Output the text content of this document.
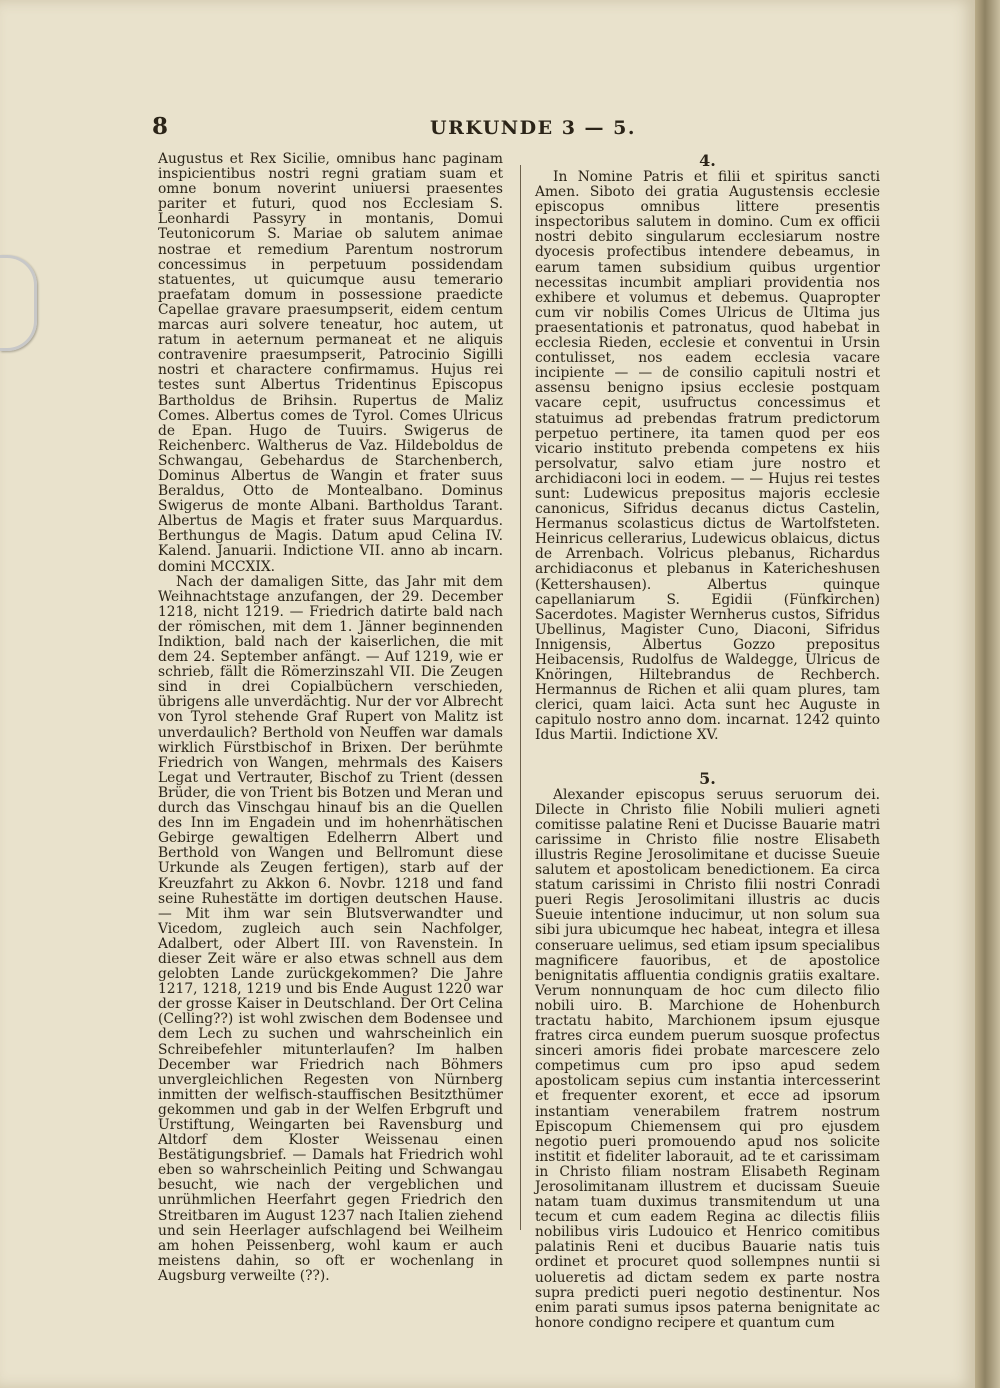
8	URKUNDE 3 — 5.

Augustus et Rex Sicilie, omnibus hanc paginam inspicientibus nostri regni gratiam suam et omne bonum noverint uniuersi praesentes pariter et futuri, quod nos Ecclesiam S. Leonhardi Passyry in montanis, Domui Teutonicorum S. Mariae ob salutem animae nostrae et remedium Parentum nostrorum concessimus in perpetuum possidendam statuentes, ut quicumque ausu temerario praefatam domum in possessione praedicte Capellae gravare praesumpserit, eidem centum marcas auri solvere teneatur, hoc autem, ut ratum in aeternum permaneat et ne aliquis contravenire praesumpserit, Patrocinio Sigilli nostri et characterе confirmamus. Hujus rei testes sunt Albertus Tridentinus Episcopus Bartholdus de Brihsin. Rupertus de Maliz Comes. Albertus comes de Tyrol. Comes Ulricus de Epan. Hugo de Tuuirs. Swigerus de Reichenberc. Waltherus de Vaz. Hildeboldus de Schwangau, Gebehardus de Starchenberch, Dominus Albertus de Wangin et frater suus Beraldus, Otto de Montealbano. Dominus Swigerus de monte Albani. Bartholdus Tarant. Albertus de Magis et frater suus Marquardus. Berthungus de Magis. Datum apud Celina IV. Kalend. Januarii. Indictione VII. anno ab incarn. domini MCCXIX.

Nach der damaligen Sitte, das Jahr mit dem Weihnachtstage anzufangen, der 29. December 1218, nicht 1219. — Friedrich datirte bald nach der römischen, mit dem 1. Jänner beginnenden Indiktion, bald nach der kaiserlichen, die mit dem 24. September anfängt. — Auf 1219, wie er schrieb, fällt die Römerzinszahl VII. Die Zeugen sind in drei Copialbüchern verschieden, übrigens alle unverdächtig. Nur der vor Albrecht von Tyrol stehende Graf Rupert von Malitz ist unverdaulich? Berthold von Neuffen war damals wirklich Fürstbischof in Brixen. Der berühmte Friedrich von Wangen, mehrmals des Kaisers Legat und Vertrauter, Bischof zu Trient (dessen Brüder, die von Trient bis Botzen und Meran und durch das Vinschgau hinauf bis an die Quellen des Inn im Engadein und im hohenrhätischen Gebirge gewaltigen Edelherrn Albert und Berthold von Wangen und Bellromunt diese Urkunde als Zeugen fertigen), starb auf der Kreuzfahrt zu Akkon 6. Novbr. 1218 und fand seine Ruhestätte im dortigen deutschen Hause. — Mit ihm war sein Blutsverwandter und Vicedom, zugleich auch sein Nachfolger, Adalbert, oder Albert III. von Ravenstein. In dieser Zeit wäre er also etwas schnell aus dem gelobten Lande zurückgekommen? Die Jahre 1217, 1218, 1219 und bis Ende August 1220 war der grosse Kaiser in Deutschland. Der Ort Celina (Celling??) ist wohl zwischen dem Bodensee und dem Lech zu suchen und wahrscheinlich ein Schreibefehler mitunterlaufen? Im halben December war Friedrich nach Böhmers unvergleichlichen Regesten von Nürnberg inmitten der welfisch-stauffischen Besitzthümer gekommen und gab in der Welfen Erbgruft und Urstiftung, Weingarten bei Ravensburg und Altdorf dem Kloster Weissenau einen Bestätigungsbrief. — Damals hat Friedrich wohl eben so wahrscheinlich Peiting und Schwangau besucht, wie nach der vergeblichen und unrühmlichen Heerfahrt gegen Friedrich den Streitbaren im August 1237 nach Italien ziehend und sein Heerlager aufschlagend bei Weilheim am hohen Peissenberg, wohl kaum er auch meistens dahin, so oft er wochenlang in Augsburg verweilte (??).

4.

In Nomine Patris et filii et spiritus sancti Amen. Siboto dei gratia Augustensis ecclesie episcopus omnibus littere presentis inspectoribus salutem in domino. Cum ex officii nostri debito singularum ecclesiarum nostre dyocesis profectibus intendere debeamus, in earum tamen subsidium quibus urgentior necessitas incumbit ampliari providentia nos exhibere et volumus et debemus. Quapropter cum vir nobilis Comes Ulricus de Ultima jus praesentationis et patronatus, quod habebat in ecclesia Rieden, ecclesie et conventui in Ursin contulisset, nos eadem ecclesia vacare incipiente — — de consilio capituli nostri et assensu benigno ipsius ecclesie postquam vacare cepit, usufructus concessimus et statuimus ad prebendas fratrum predictorum perpetuo pertinere, ita tamen quod per eos vicario instituto prebenda competens ex hiis persolvatur, salvo etiam jure nostro et archidiaconi loci in eodem. — — Hujus rei testes sunt: Ludewicus prepositus majoris ecclesie canonicus, Sifridus decanus dictus Castelin, Hermanus scolasticus dictus de Wartolfsteten. Heinricus cellerarius, Ludewicus oblaicus, dictus de Arrenbach. Volricus plebanus, Richardus archidiaconus et plebanus in Katericheshusen (Kettershausen). Albertus quinque capellaniarum S. Egidii (Fünfkirchen) Sacerdotes. Magister Wernherus custos, Sifridus Ubellinus, Magister Cuno, Diaconi, Sifridus Innigensis, Albertus Gozzo prepositus Heibacensis, Rudolfus de Waldegge, Ulricus de Knöringen, Hiltebrandus de Rechberch. Hermannus de Richen et alii quam plures, tam clerici, quam laici. Acta sunt hec Auguste in capitulo nostro anno dom. incarnat. 1242 quinto Idus Martii. Indictione XV.

5.

Alexander episcopus seruus seruorum dei. Dilecte in Christo filie Nobili mulieri agneti comitisse palatine Reni et Ducisse Bauarie matri carissime in Christo filie nostre Elisabeth illustris Regine Jerosolimitane et ducisse Sueuie salutem et apostolicam benedictionem. Ea circa statum carissimi in Christo filii nostri Conradi pueri Regis Jerosolimitani illustris ac ducis Sueuie intentione inducimur, ut non solum sua sibi jura ubicumque hec habeat, integra et illesa conseruare uelimus, sed etiam ipsum specialibus magnificere fauoribus, et de apostolice benignitatis affluentia condignis gratiis exaltare. Verum nonnunquam de hoc cum dilecto filio nobili uiro. B. Marchione de Hohenburch tractatu habito, Marchionem ipsum ejusque fratres circa eundem puerum suosque profectus sinceri amoris fidei probate marcescere zelo competimus cum pro ipso apud sedem apostolicam sepius cum instantia intercesserint et frequenter exorent, et ecce ad ipsorum instantiam venerabilem fratrem nostrum Episcopum Chiemensem qui pro ejusdem negotio pueri promouendo apud nos solicite institit et fideliter laborauit, ad te et carissimam in Christo filiam nostram Elisabeth Reginam Jerosolimitanam illustrem et ducissam Sueuie natam tuam duximus transmitendum ut una tecum et cum eadem Regina ac dilectis filiis nobilibus viris Ludouico et Henrico comitibus palatinis Reni et ducibus Bauarie natis tuis ordinet et procuret quod sollempnes nuntii si uolueretis ad dictam sedem ex parte nostra supra predicti pueri negotio destinentur. Nos enim parati sumus ipsos paterna benignitate ac honore condigno recipere et quantum cum
